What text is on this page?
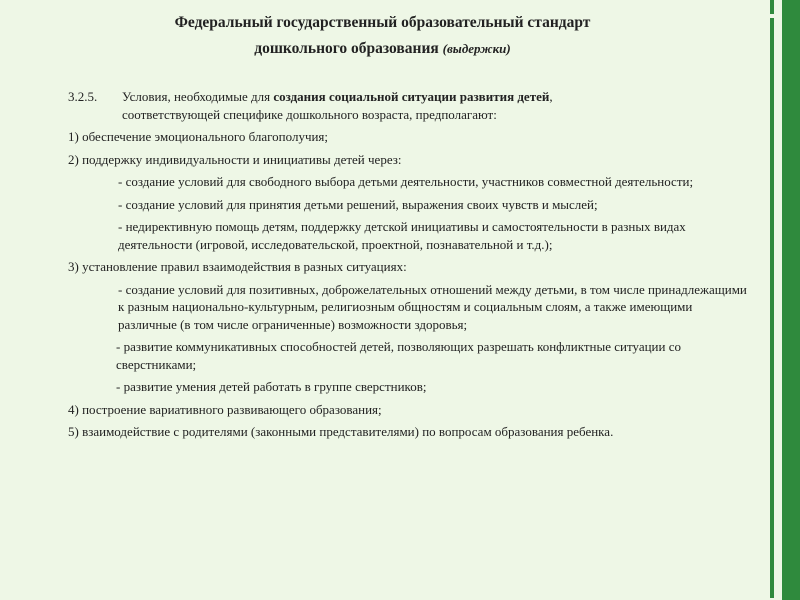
Федеральный государственный образовательный стандарт
дошкольного образования (выдержки)
3.2.5.	Условия, необходимые для создания социальной ситуации развития детей,
соответствующей специфике дошкольного возраста, предполагают:
1) обеспечение эмоционального благополучия;
2) поддержку индивидуальности и инициативы детей через:
- создание условий для свободного выбора детьми деятельности, участников совместной деятельности;
- создание условий для принятия детьми решений, выражения своих чувств и мыслей;
- недирективную помощь детям, поддержку детской инициативы и самостоятельности в разных видах деятельности (игровой, исследовательской, проектной, познавательной и т.д.);
3) установление правил взаимодействия в разных ситуациях:
- создание условий для позитивных, доброжелательных отношений между детьми, в том числе принадлежащими к разным национально-культурным, религиозным общностям и социальным слоям, а также имеющими различные (в том числе ограниченные) возможности здоровья;
- развитие коммуникативных способностей детей, позволяющих разрешать конфликтные ситуации со сверстниками;
- развитие умения детей работать в группе сверстников;
4) построение вариативного развивающего образования;
5) взаимодействие с родителями (законными представителями) по вопросам образования ребенка.
